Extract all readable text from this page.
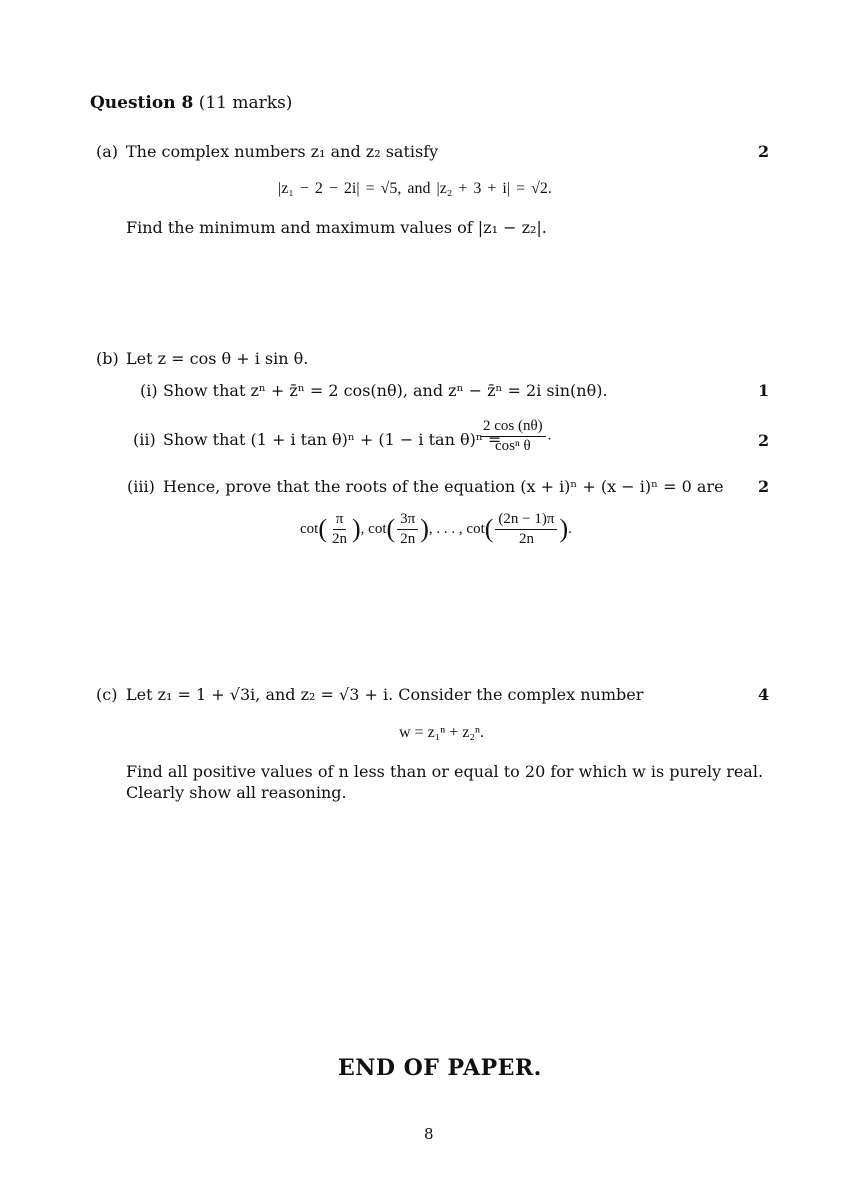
Question 8 (11 marks)
(a) The complex numbers z₁ and z₂ satisfy	2
|z₁ − 2 − 2i| = √5, and |z₂ + 3 + i| = √2.
Find the minimum and maximum values of |z₁ − z₂|.
(b) Let z = cos θ + i sin θ.
(i) Show that zⁿ + z̄ⁿ = 2 cos(nθ), and zⁿ − z̄ⁿ = 2i sin(nθ).	1
(ii) Show that (1 + i tan θ)ⁿ + (1 − i tan θ)ⁿ =
$\frac{2 \cos (n\theta)}{\text{cosⁿ θ}}$ .	2
(iii) Hence, prove that the roots of the equation (x + i)ⁿ + (x − i)ⁿ = 0 are 2
cot ( $\frac{\pi}{2n}$ ) ,
cot ( $\frac{3\pi}{2n}$ ) , . . . ,
cot ( $\frac{(2n - 1)\pi}{2n}$ ) .
(c) Let z₁ = 1 + √3i, and z₂ = √3 + i. Consider the complex number	4
w = z₁ⁿ + z₂ⁿ.
Find all positive values of n less than or equal to 20 for which w is purely real.
Clearly show all reasoning.
END OF PAPER.
8
